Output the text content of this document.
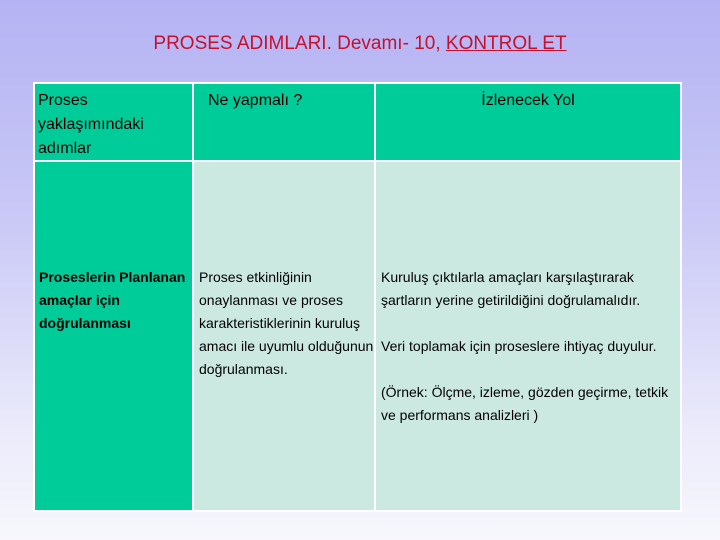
PROSES ADIMLARI. Devamı- 10, KONTROL ET
Proses yaklaşımındaki adımlar
Ne yapmalı ?	İzlenecek Yol
Proseslerin Planlanan amaçlar için doğrulanması
Proses etkinliğinin onaylanması ve proses karakteristiklerinin kuruluş amacı ile uyumlu olduğunun doğrulanması.

Kuruluş çıktılarla amaçları karşılaştırarak şartların yerine getirildiğini doğrulamalıdır.

Veri toplamak için proseslere ihtiyaç duyulur.

(Örnek: Ölçme, izleme, gözden geçirme, tetkik ve performans analizleri )
